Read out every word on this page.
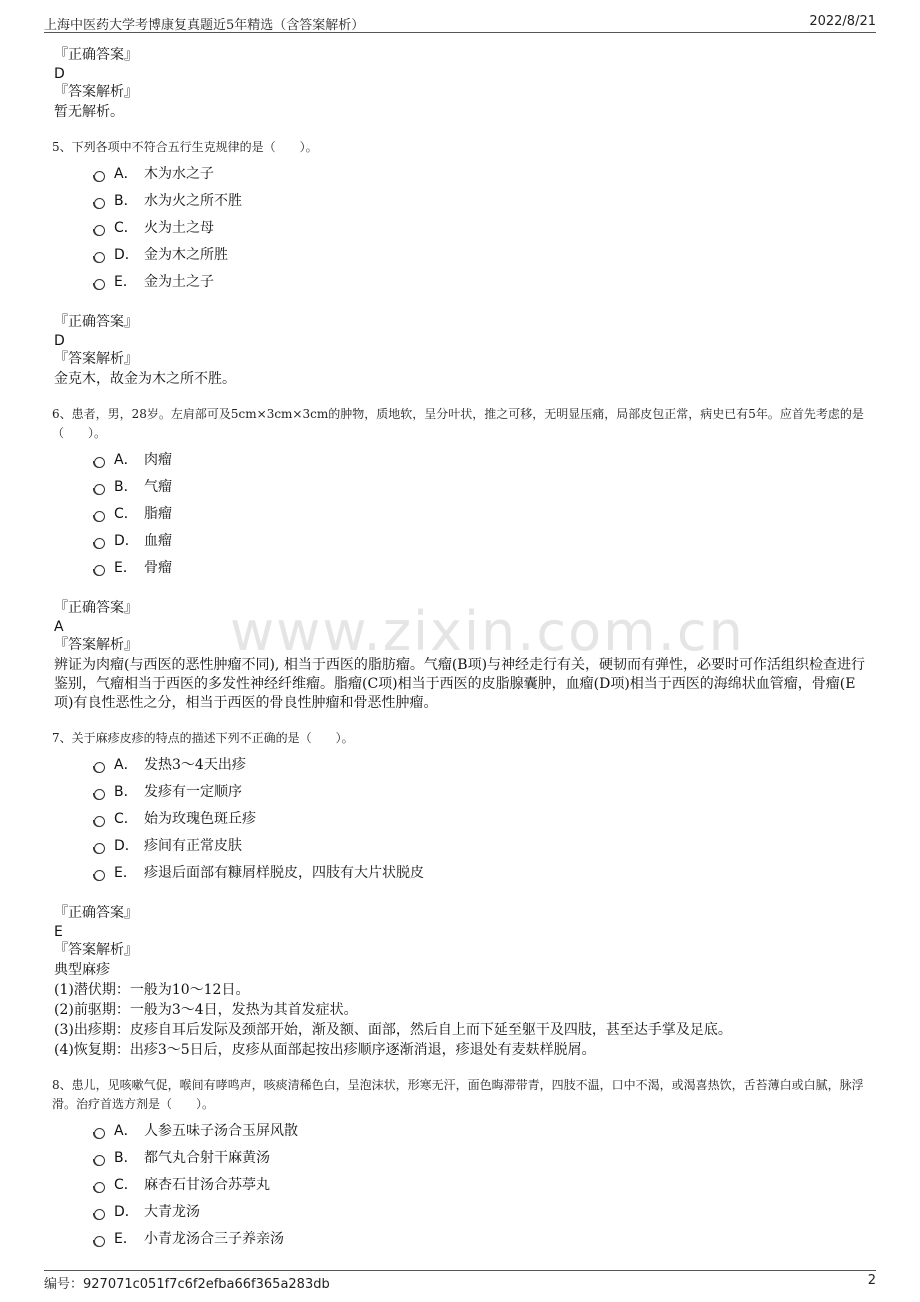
上海中医药大学考博康复真题近5年精选（含答案解析）	2022/8/21
www.zixin.com.cn
『正确答案』
D
『答案解析』
暂无解析。
5、下列各项中不符合五行生克规律的是（　　）。
A． 木为水之子
B． 水为火之所不胜
C． 火为土之母
D． 金为木之所胜
E． 金为土之子
『正确答案』
D
『答案解析』
金克木，故金为木之所不胜。
6、患者，男，28岁。左肩部可及5cm×3cm×3cm的肿物，质地软，呈分叶状，推之可移，无明显压痛，局部皮包正常，病史已有5年。应首先考虑的是（　　）。
A． 肉瘤
B． 气瘤
C． 脂瘤
D． 血瘤
E． 骨瘤
『正确答案』
A
『答案解析』
辨证为肉瘤(与西医的恶性肿瘤不同), 相当于西医的脂肪瘤。气瘤(B项)与神经走行有关，硬韧而有弹性，必要时可作活组织检查进行鉴别，气瘤相当于西医的多发性神经纤维瘤。脂瘤(C项)相当于西医的皮脂腺囊肿，血瘤(D项)相当于西医的海绵状血管瘤，骨瘤(E项)有良性恶性之分，相当于西医的骨良性肿瘤和骨恶性肿瘤。
7、关于麻疹皮疹的特点的描述下列不正确的是（　　）。
A． 发热3～4天出疹
B． 发疹有一定顺序
C． 始为玫瑰色斑丘疹
D． 疹间有正常皮肤
E． 疹退后面部有糠屑样脱皮，四肢有大片状脱皮
『正确答案』
E
『答案解析』
典型麻疹
(1)潜伏期：一般为10～12日。
(2)前驱期：一般为3～4日，发热为其首发症状。
(3)出疹期：皮疹自耳后发际及颈部开始，渐及额、面部，然后自上而下延至躯干及四肢，甚至达手掌及足底。
(4)恢复期：出疹3～5日后，皮疹从面部起按出疹顺序逐渐消退，疹退处有麦麸样脱屑。
8、患儿，见咳嗽气促，喉间有哮鸣声，咳痰清稀色白，呈泡沫状，形寒无汗，面色晦滞带青，四肢不温，口中不渴，或渴喜热饮，舌苔薄白或白腻，脉浮滑。治疗首选方剂是（　　）。
A． 人参五味子汤合玉屏风散
B． 都气丸合射干麻黄汤
C． 麻杏石甘汤合苏葶丸
D． 大青龙汤
E． 小青龙汤合三子养亲汤
编号：927071c051f7c6f2efba66f365a283db	2
